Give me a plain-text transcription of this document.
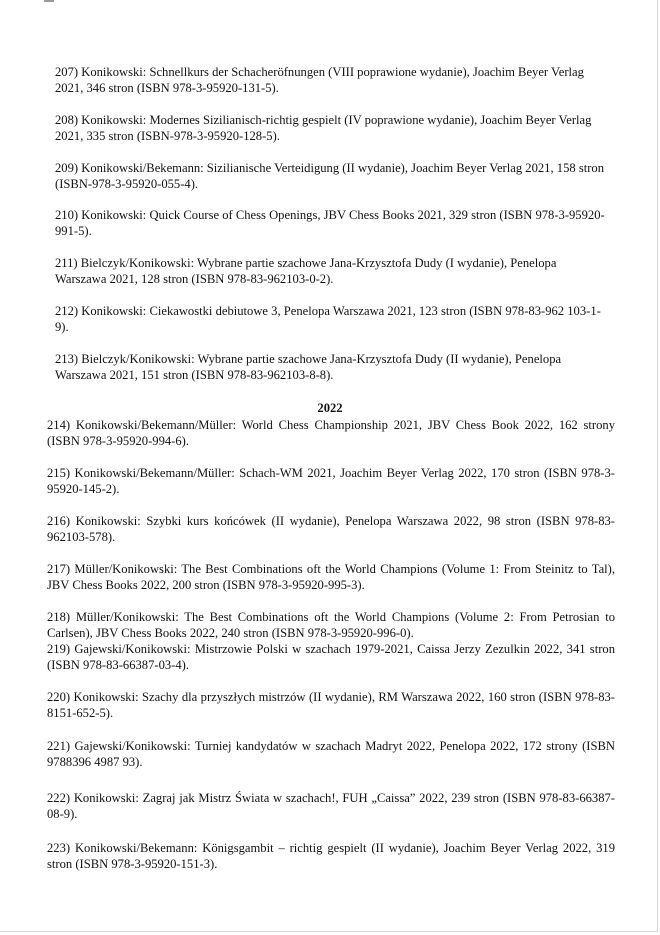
207) Konikowski: Schnellkurs der Schacheröfnungen (VIII poprawione wydanie), Joachim Beyer Verlag 2021, 346 stron (ISBN 978-3-95920-131-5).

208) Konikowski: Modernes Sizilianisch-richtig gespielt (IV poprawione wydanie), Joachim Beyer Verlag 2021, 335 stron (ISBN-978-3-95920-128-5).

209) Konikowski/Bekemann: Sizilianische Verteidigung (II wydanie), Joachim Beyer Verlag 2021, 158 stron (ISBN-978-3-95920-055-4).

210) Konikowski: Quick Course of Chess Openings, JBV Chess Books 2021, 329 stron (ISBN 978-3-95920-991-5).

211) Bielczyk/Konikowski: Wybrane partie szachowe Jana-Krzysztofa Dudy (I wydanie), Penelopa Warszawa 2021, 128 stron (ISBN 978-83-962103-0-2).

212) Konikowski: Ciekawostki debiutowe 3, Penelopa Warszawa 2021, 123 stron (ISBN 978-83-962 103-1-9).

213) Bielczyk/Konikowski: Wybrane partie szachowe Jana-Krzysztofa Dudy (II wydanie), Penelopa Warszawa 2021, 151 stron (ISBN 978-83-962103-8-8).

2022

214) Konikowski/Bekemann/Müller: World Chess Championship 2021, JBV Chess Book 2022, 162 strony (ISBN 978-3-95920-994-6).

215) Konikowski/Bekemann/Müller: Schach-WM 2021, Joachim Beyer Verlag 2022, 170 stron (ISBN 978-3-95920-145-2).

216) Konikowski: Szybki kurs końcówek (II wydanie), Penelopa Warszawa 2022, 98 stron (ISBN 978-83-962103-578).

217) Müller/Konikowski: The Best Combinations oft the World Champions (Volume 1: From Steinitz to Tal), JBV Chess Books 2022, 200 stron (ISBN 978-3-95920-995-3).

218) Müller/Konikowski: The Best Combinations oft the World Champions (Volume 2: From Petrosian to Carlsen), JBV Chess Books 2022, 240 stron (ISBN 978-3-95920-996-0).

219) Gajewski/Konikowski: Mistrzowie Polski w szachach 1979-2021, Caissa Jerzy Zezulkin 2022, 341 stron (ISBN 978-83-66387-03-4).

220) Konikowski: Szachy dla przyszłych mistrzów (II wydanie), RM Warszawa 2022, 160 stron (ISBN 978-83-8151-652-5).

221) Gajewski/Konikowski: Turniej kandydatów w szachach Madryt 2022, Penelopa 2022, 172 strony (ISBN 9788396 4987 93).

222) Konikowski: Zagraj jak Mistrz Świata w szachach!, FUH „Caissa” 2022, 239 stron (ISBN 978-83-66387-08-9).

223) Konikowski/Bekemann: Königsgambit – richtig gespielt (II wydanie), Joachim Beyer Verlag 2022, 319 stron (ISBN 978-3-95920-151-3).
